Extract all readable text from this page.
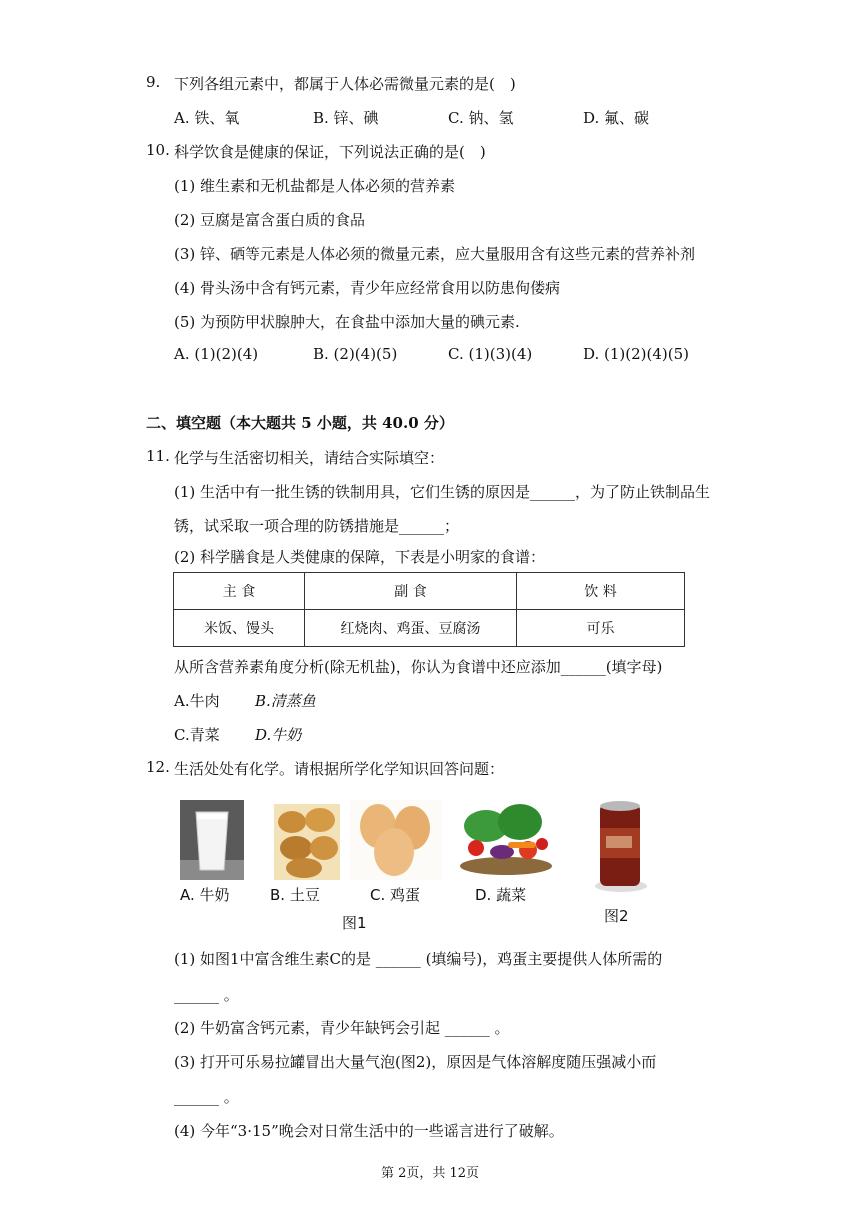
9. 下列各组元素中，都属于人体必需微量元素的是(　)
A. 铁、氧	B. 锌、碘	C. 钠、氢	D. 氟、碳
10. 科学饮食是健康的保证，下列说法正确的是(　)
(1) 维生素和无机盐都是人体必须的营养素
(2) 豆腐是富含蛋白质的食品
(3) 锌、硒等元素是人体必须的微量元素，应大量服用含有这些元素的营养补剂
(4) 骨头汤中含有钙元素，青少年应经常食用以防患佝偻病
(5) 为预防甲状腺肿大，在食盐中添加大量的碘元素.
A. (1)(2)(4)	B. (2)(4)(5)	C. (1)(3)(4)	D. (1)(2)(4)(5)
二、填空题（本大题共 5 小题，共 40.0 分）
11. 化学与生活密切相关，请结合实际填空：
(1) 生活中有一批生锈的铁制用具，它们生锈的原因是______，为了防止铁制品生
锈，试采取一项合理的防锈措施是______；
(2) 科学膳食是人类健康的保障，下表是小明家的食谱：
主 食	副 食	饮 料
米饭、馒头	红烧肉、鸡蛋、豆腐汤	可乐
从所含营养素角度分析(除无机盐)，你认为食谱中还应添加______(填字母)
A.牛肉 B.清蒸鱼
C.青菜 D.牛奶
12. 生活处处有化学。请根据所学化学知识回答问题：
A. 牛奶	B. 土豆	C. 鸡蛋	D. 蔬菜
图1	图2
(1) 如图1中富含维生素C的是 ______ (填编号)，鸡蛋主要提供人体所需的
______ 。
(2) 牛奶富含钙元素，青少年缺钙会引起 ______ 。
(3) 打开可乐易拉罐冒出大量气泡(图2)，原因是气体溶解度随压强减小而
______ 。
(4) 今年“3·15”晚会对日常生活中的一些谣言进行了破解。
第 2页，共 12页
